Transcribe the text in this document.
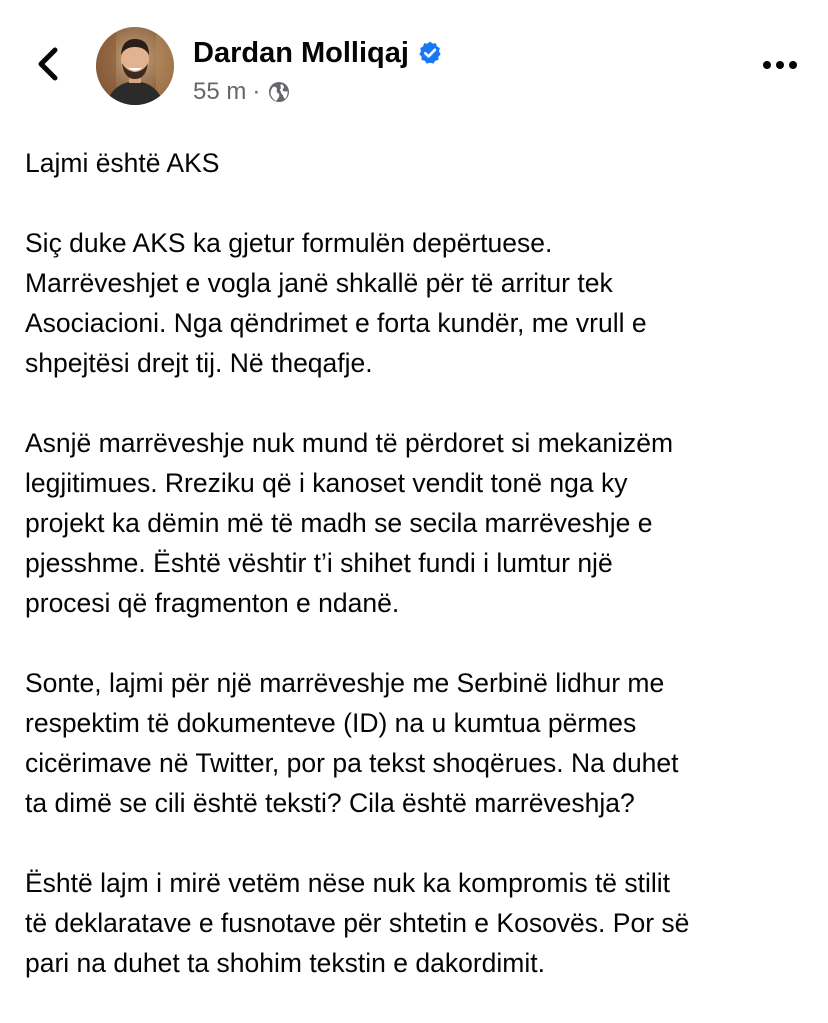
Dardan Molliqaj
55 m ·

Lajmi është AKS

Siç duke AKS ka gjetur formulën depërtuese.
Marrëveshjet e vogla janë shkallë për të arritur tek
Asociacioni. Nga qëndrimet e forta kundër, me vrull e
shpejtësi drejt tij. Në theqafje.

Asnjë marrëveshje nuk mund të përdoret si mekanizëm
legjitimues. Rreziku që i kanoset vendit tonë nga ky
projekt ka dëmin më të madh se secila marrëveshje e
pjesshme. Është vështir t’i shihet fundi i lumtur një
procesi që fragmenton e ndanë.

Sonte, lajmi për një marrëveshje me Serbinë lidhur me
respektim të dokumenteve (ID) na u kumtua përmes
cicërimave në Twitter, por pa tekst shoqërues. Na duhet
ta dimë se cili është teksti? Cila është marrëveshja?

Është lajm i mirë vetëm nëse nuk ka kompromis të stilit
të deklaratave e fusnotave për shtetin e Kosovës. Por së
pari na duhet ta shohim tekstin e dakordimit.
